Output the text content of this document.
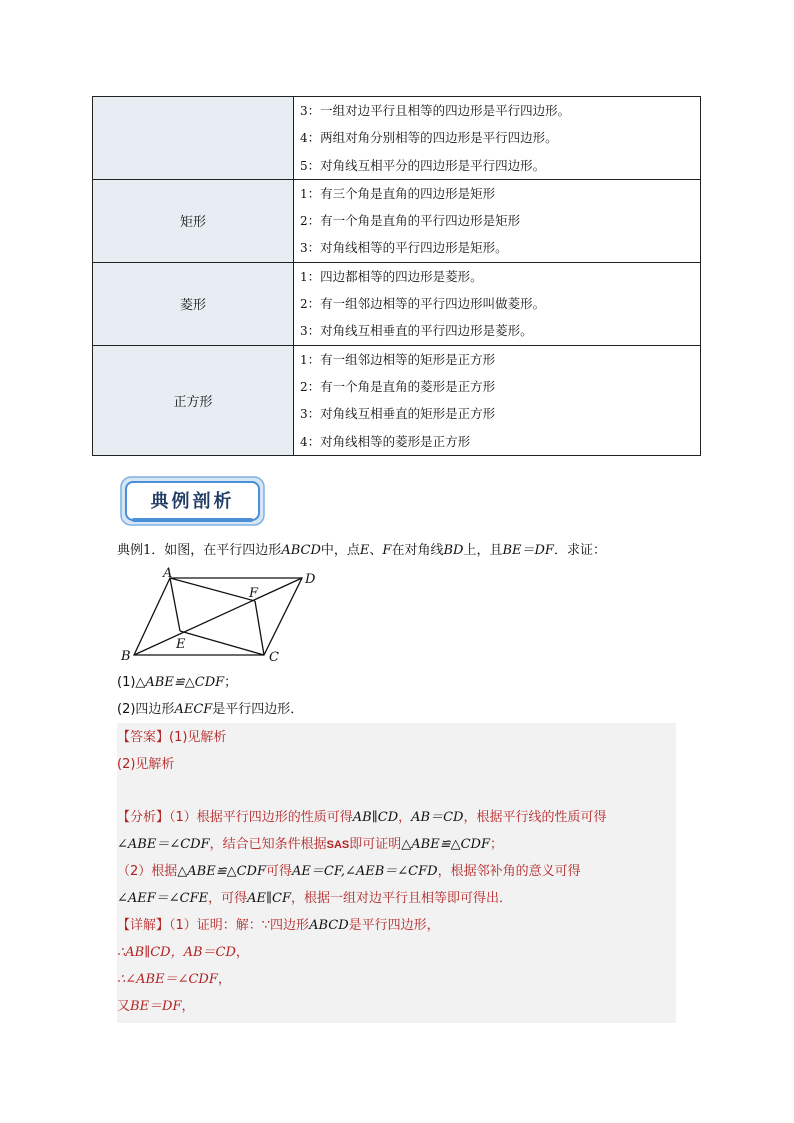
	3：一组对边平行且相等的四边形是平行四边形。
4：两组对角分别相等的四边形是平行四边形。
5：对角线互相平分的四边形是平行四边形。

矩形	1：有三个角是直角的四边形是矩形
2：有一个角是直角的平行四边形是矩形
3：对角线相等的平行四边形是矩形。

菱形	1：四边都相等的四边形是菱形。
2：有一组邻边相等的平行四边形叫做菱形。
3：对角线互相垂直的平行四边形是菱形。

正方形	1：有一组邻边相等的矩形是正方形
2：有一个角是直角的菱形是正方形
3：对角线互相垂直的矩形是正方形
4：对角线相等的菱形是正方形
典例剖析
典例1．如图，在平行四边形ABCD中，点E、F在对角线BD上，且BE＝DF．求证：
A	D
B	C
E
F
(1)△ABE≌△CDF；
(2)四边形AECF是平行四边形．
【答案】(1)见解析
(2)见解析
【分析】（1）根据平行四边形的性质可得AB∥CD，AB＝CD，根据平行线的性质可得
∠ABE＝∠CDF，结合已知条件根据SAS即可证明△ABE≌△CDF；
（2）根据△ABE≌△CDF可得AE＝CF,∠AEB＝∠CFD，根据邻补角的意义可得
∠AEF＝∠CFE，可得AE∥CF，根据一组对边平行且相等即可得出．
【详解】（1）证明：解：∵四边形ABCD是平行四边形，
∴AB∥CD，AB＝CD，
∴∠ABE＝∠CDF，
又BE＝DF，
